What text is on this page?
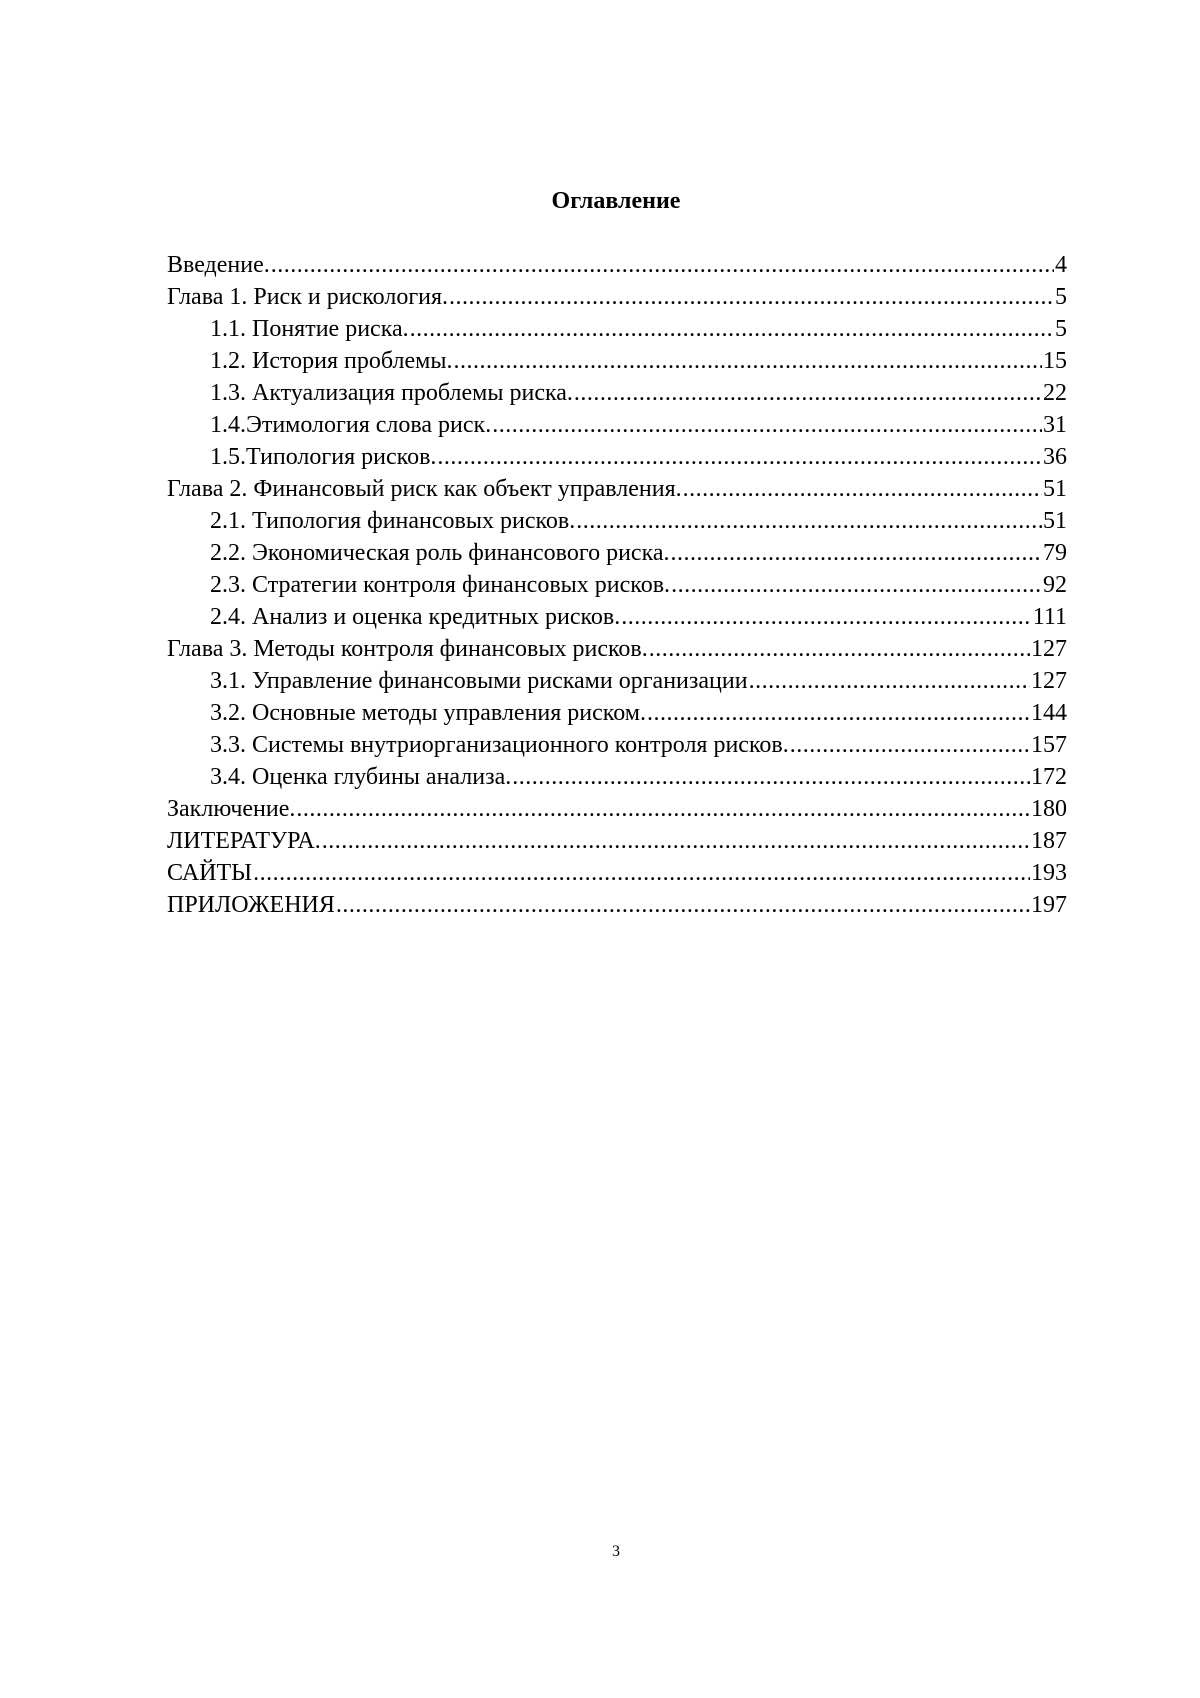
Оглавление
Введение. .....	4
Глава 1. Риск и рискология. .....	5
1.1. Понятие риска. .....	5
1.2. История проблемы. .....	15
1.3. Актуализация проблемы риска. .....	22
1.4.Этимология слова риск. .....	31
1.5.Типология рисков. .....	36
Глава 2. Финансовый риск как объект управления. .....	51
2.1. Типология финансовых рисков. .....	51
2.2. Экономическая роль финансового риска. .....	79
2.3. Стратегии контроля финансовых рисков. .....	92
2.4. Анализ и оценка кредитных рисков. .....	111
Глава 3. Методы контроля финансовых рисков. .....	127
3.1. Управление финансовыми рисками организации .....	127
3.2. Основные методы управления риском. .....	144
3.3. Системы внутриорганизационного контроля рисков. .....	157
3.4. Оценка глубины анализа. .....	172
Заключение. .....	180
ЛИТЕРАТУРА. .....	187
САЙТЫ .....	193
ПРИЛОЖЕНИЯ .....	197
3
